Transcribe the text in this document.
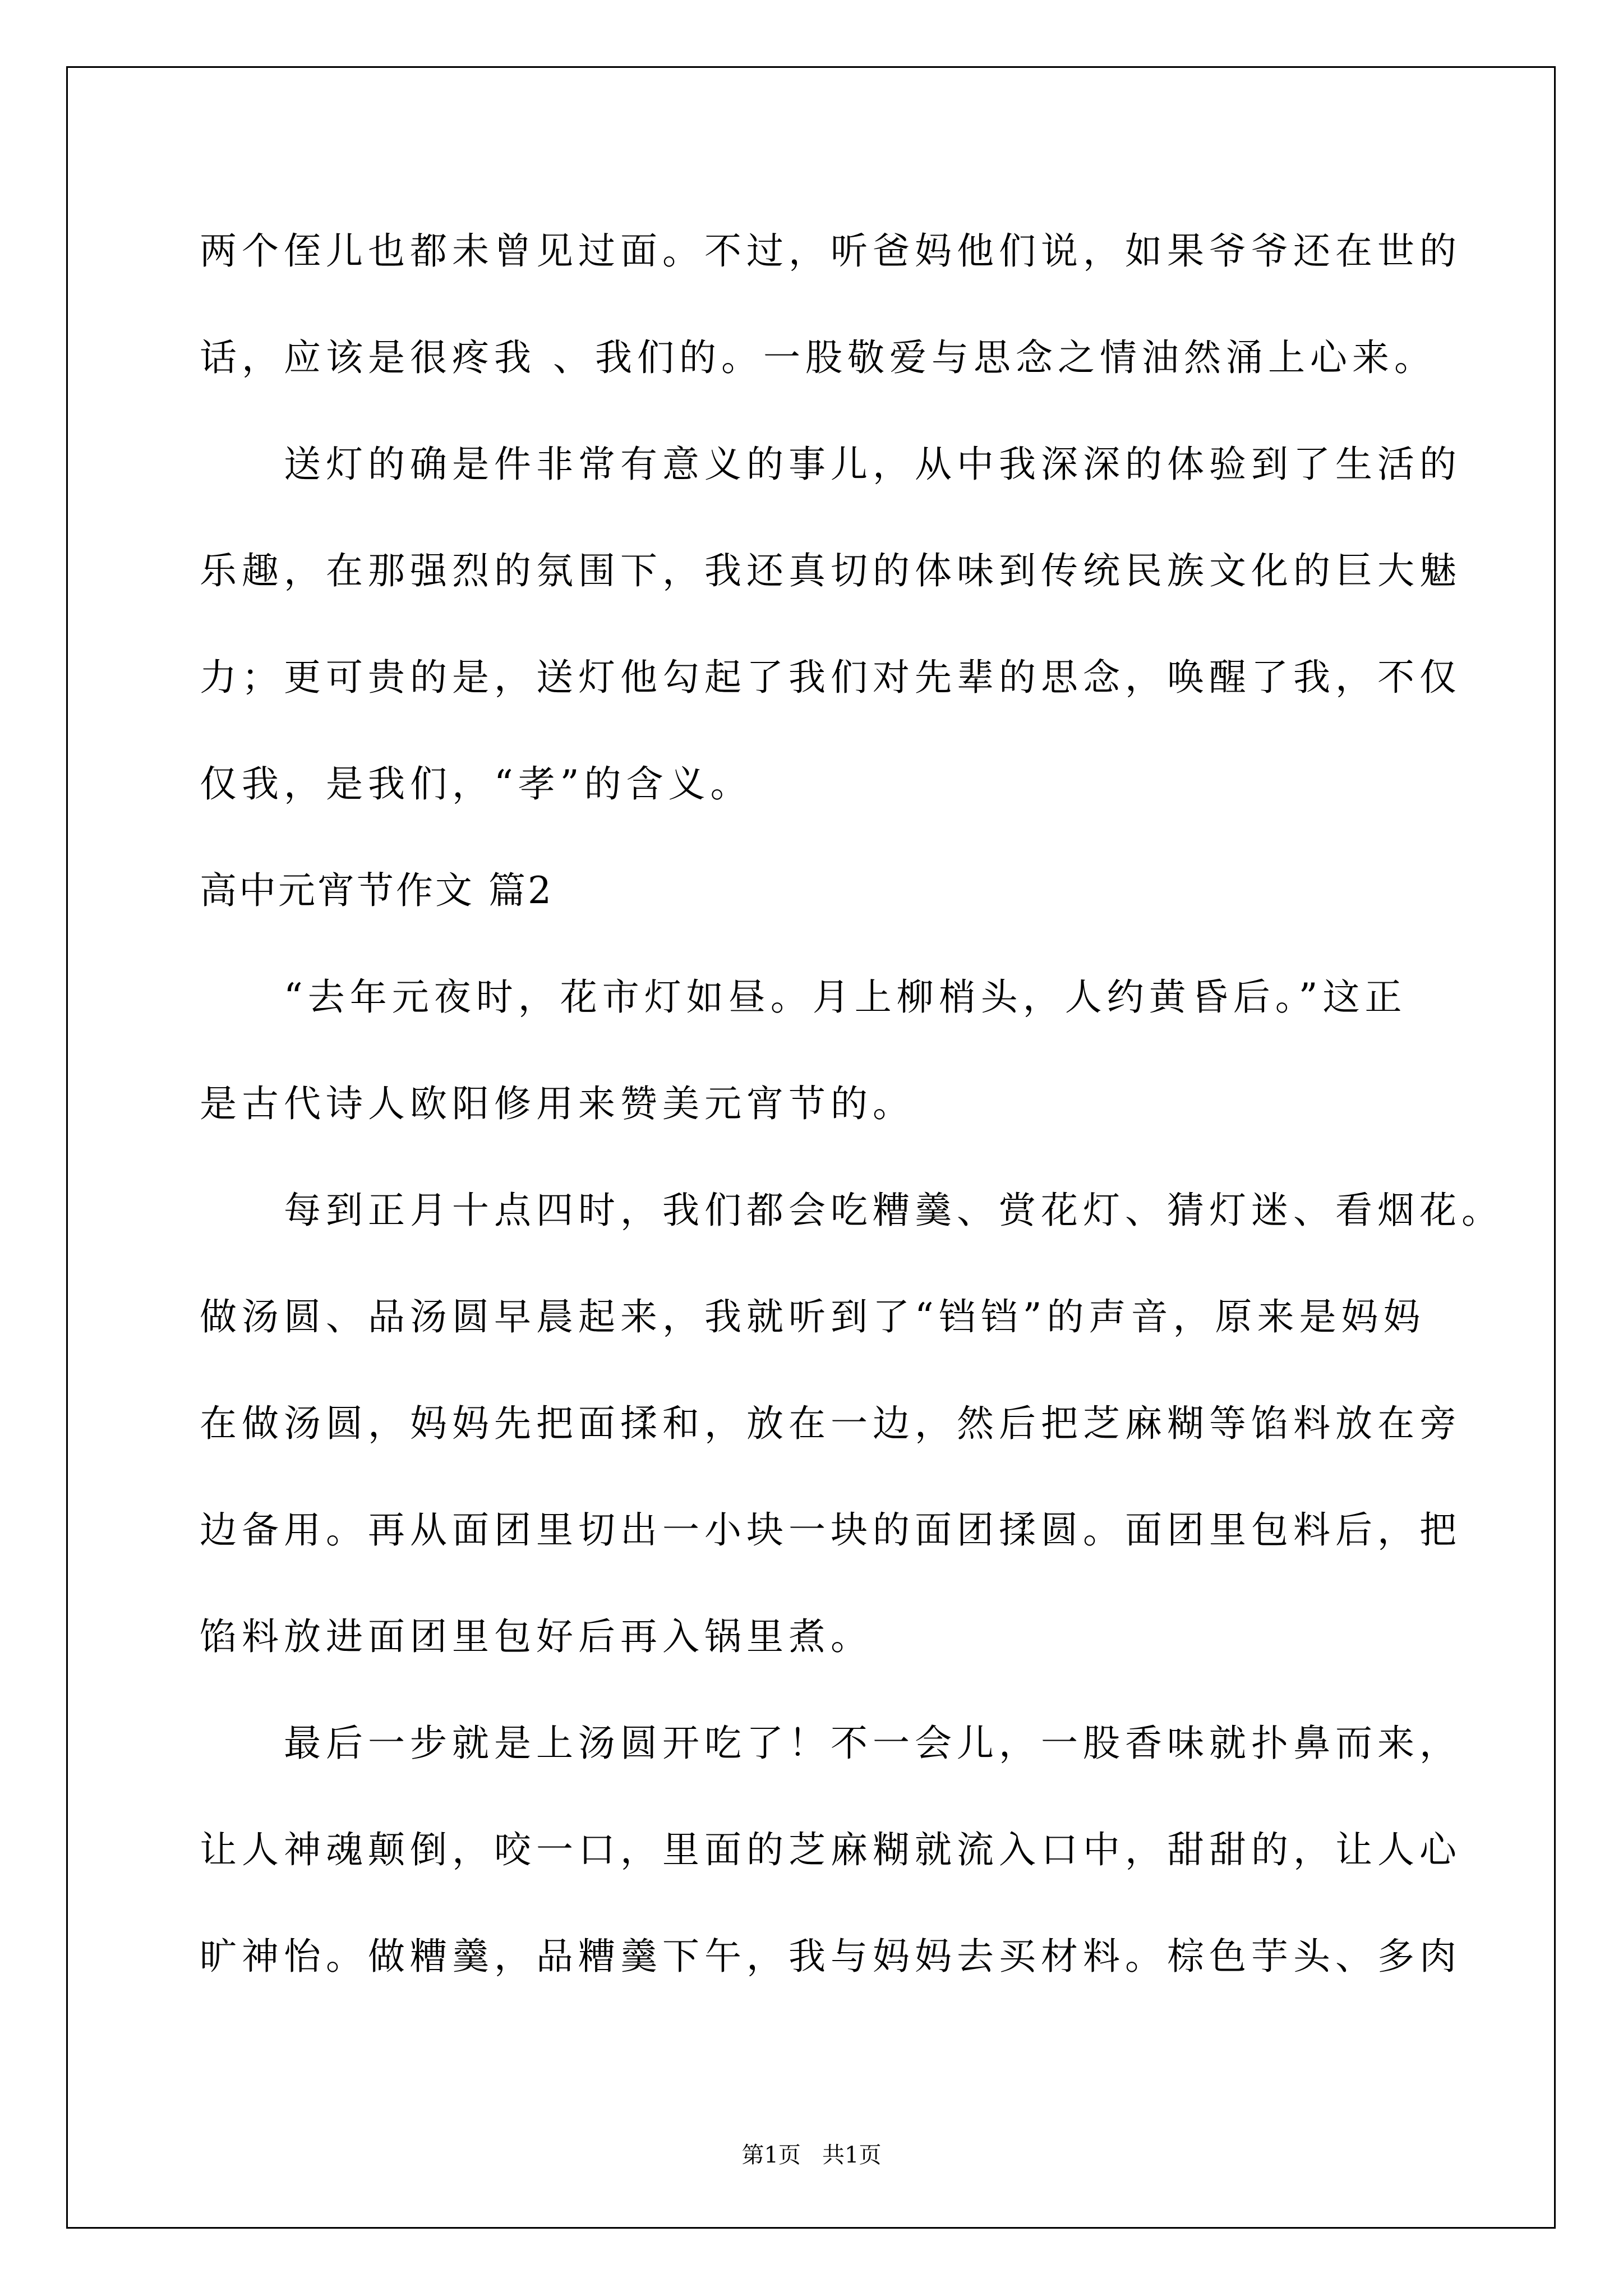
两个侄儿也都未曾见过面。不过，听爸妈他们说，如果爷爷还在世的
话，应该是很疼我 、我们的。一股敬爱与思念之情油然涌上心来。
送灯的确是件非常有意义的事儿，从中我深深的体验到了生活的
乐趣，在那强烈的氛围下，我还真切的体味到传统民族文化的巨大魅
力；更可贵的是，送灯他勾起了我们对先辈的思念，唤醒了我，不仅
仅我，是我们，“孝”的含义。
高中元宵节作文 篇2
“去年元夜时，花市灯如昼。月上柳梢头，人约黄昏后。”这正
是古代诗人欧阳修用来赞美元宵节的。
每到正月十点四时，我们都会吃糟羹、赏花灯、猜灯迷、看烟花。
做汤圆、品汤圆早晨起来，我就听到了“铛铛”的声音，原来是妈妈
在做汤圆，妈妈先把面揉和，放在一边，然后把芝麻糊等馅料放在旁
边备用。再从面团里切出一小块一块的面团揉圆。面团里包料后，把
馅料放进面团里包好后再入锅里煮。
最后一步就是上汤圆开吃了！不一会儿，一股香味就扑鼻而来，
让人神魂颠倒，咬一口，里面的芝麻糊就流入口中，甜甜的，让人心
旷神怡。做糟羹，品糟羹下午，我与妈妈去买材料。棕色芋头、多肉
第1页   共1页
